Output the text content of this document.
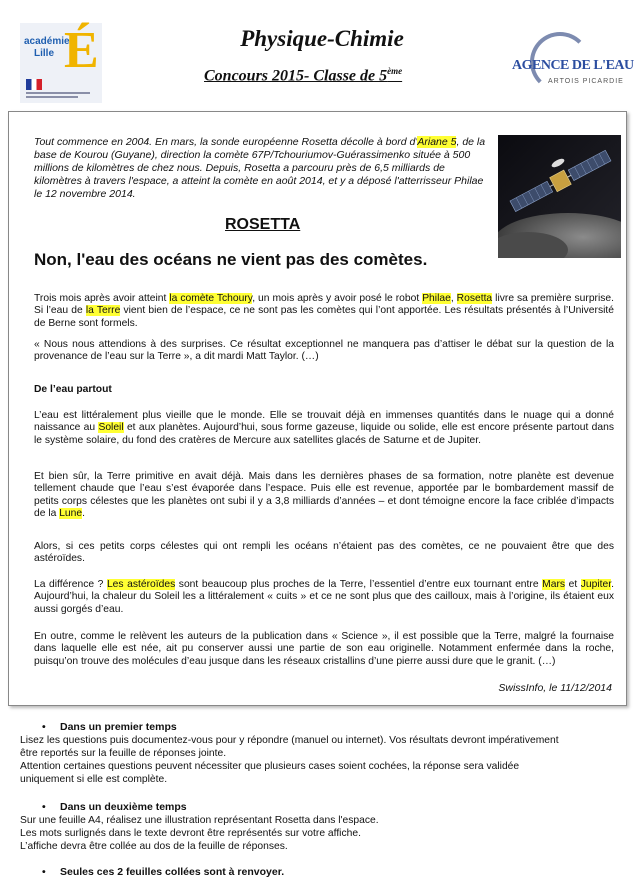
académie
Lille É	Physique-Chimie
Concours 2015- Classe de 5ème	AGENCE DE L'EAU
ARTOIS PICARDIE
Tout commence en 2004. En mars, la sonde européenne Rosetta décolle à bord d'Ariane 5, de la base de Kourou (Guyane), direction la comète 67P/Tchouriumov-Guérassimenko située à 500 millions de kilomètres de chez nous. Depuis, Rosetta a parcouru près de 6,5 milliards de kilomètres à travers l'espace, a atteint la comète en août 2014, et y a déposé l'atterrisseur Philae le 12 novembre 2014.
ROSETTA
Non, l'eau des océans ne vient pas des comètes.
Trois mois après avoir atteint la comète Tchoury, un mois après y avoir posé le robot Philae, Rosetta livre sa première surprise. Si l’eau de la Terre vient bien de l’espace, ce ne sont pas les comètes qui l’ont apportée. Les résultats présentés à l’Université de Berne sont formels.
« Nous nous attendions à des surprises. Ce résultat exceptionnel ne manquera pas d’attiser le débat sur la question de la provenance de l’eau sur la Terre », a dit mardi Matt Taylor. (…)
De l’eau partout
L’eau est littéralement plus vieille que le monde. Elle se trouvait déjà en immenses quantités dans le nuage qui a donné naissance au Soleil et aux planètes. Aujourd’hui, sous forme gazeuse, liquide ou solide, elle est encore présente partout dans le système solaire, du fond des cratères de Mercure aux satellites glacés de Saturne et de Jupiter.
Et bien sûr, la Terre primitive en avait déjà. Mais dans les dernières phases de sa formation, notre planète est devenue tellement chaude que l’eau s’est évaporée dans l’espace. Puis elle est revenue, apportée par le bombardement massif de petits corps célestes que les planètes ont subi il y a 3,8 milliards d’années – et dont témoigne encore la face criblée d’impacts de la Lune.
Alors, si ces petits corps célestes qui ont rempli les océans n’étaient pas des comètes, ce ne pouvaient être que des astéroïdes.
La différence ? Les astéroïdes sont beaucoup plus proches de la Terre, l’essentiel d’entre eux tournant entre Mars et Jupiter. Aujourd’hui, la chaleur du Soleil les a littéralement « cuits » et ce ne sont plus que des cailloux, mais à l’origine, ils étaient eux aussi gorgés d’eau.
En outre, comme le relèvent les auteurs de la publication dans « Science », il est possible que la Terre, malgré la fournaise dans laquelle elle est née, ait pu conserver aussi une partie de son eau originelle. Notamment enfermée dans la roche, puisqu’on trouve des molécules d’eau jusque dans les réseaux cristallins d’une pierre aussi dure que le granit. (…)
SwissInfo, le 11/12/2014
• Dans un premier temps
Lisez les questions puis documentez-vous pour y répondre (manuel ou internet). Vos résultats devront impérativement
être reportés sur la feuille de réponses jointe.
Attention certaines questions peuvent nécessiter que plusieurs cases soient cochées, la réponse sera validée
uniquement si elle est complète.
• Dans un deuxième temps
Sur une feuille A4, réalisez une illustration représentant Rosetta dans l'espace.
Les mots surlignés dans le texte devront être représentés sur votre affiche.
L’affiche devra être collée au dos de la feuille de réponses.
• Seules ces 2 feuilles collées sont à renvoyer.
